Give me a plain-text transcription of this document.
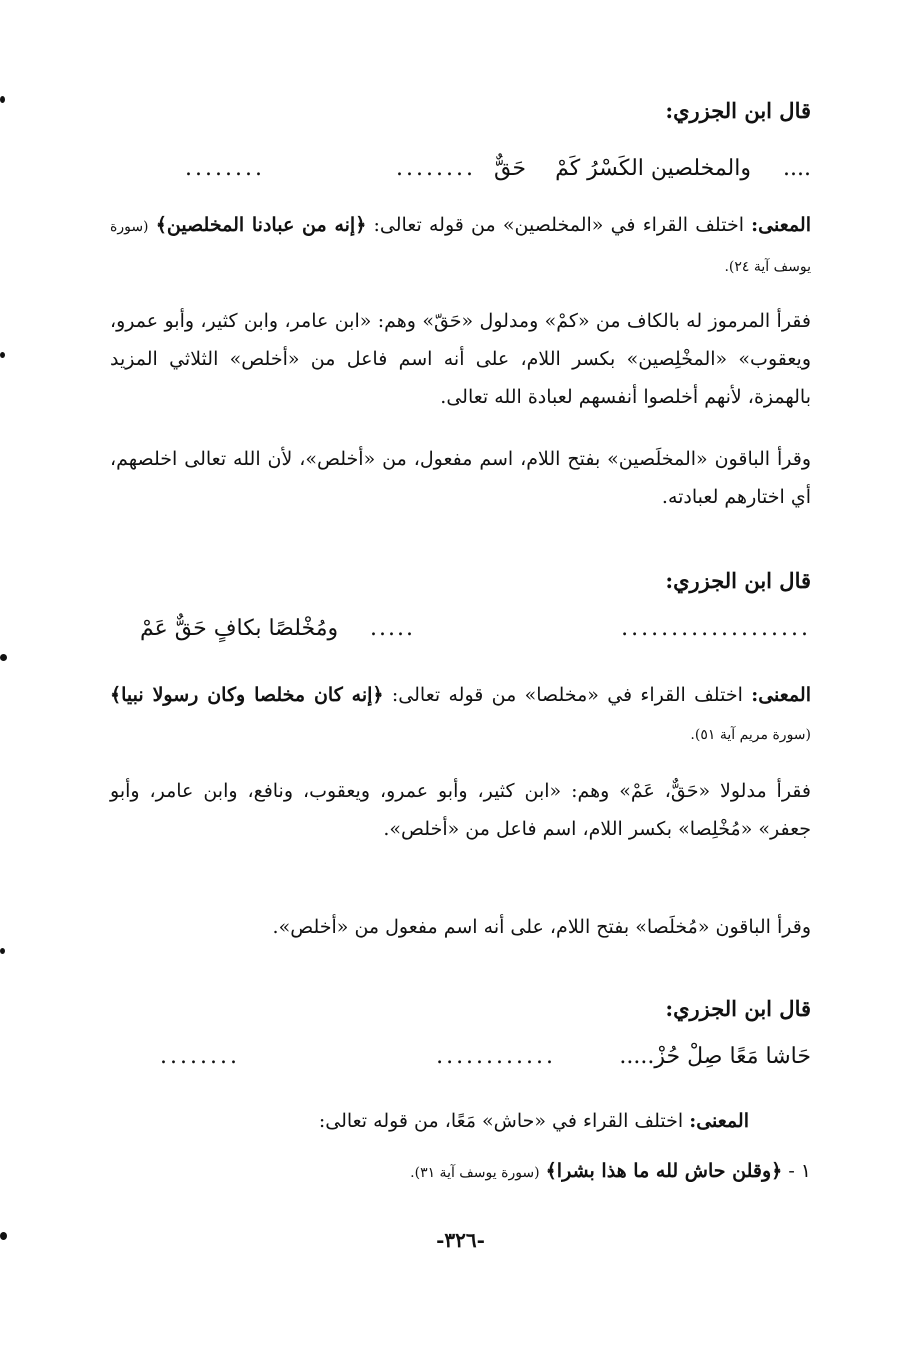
قال ابن الجزري:
....
والمخلصين الكَسْرُ كَمْ
حَقٌّ
........
........

المعنى: اختلف القراء في «المخلصين» من قوله تعالى: ﴿إنه من عبادنا المخلصين﴾ (سورة يوسف آية ٢٤).

فقرأ المرموز له بالكاف من «كمْ» ومدلول «حَقّ» وهم: «ابن عامر، وابن كثير، وأبو عمرو، ويعقوب» «المخْلِصين» بكسر اللام، على أنه اسم فاعل من «أخلص» الثلاثي المزيد بالهمزة، لأنهم أخلصوا أنفسهم لعبادة الله تعالى.
وقرأ الباقون «المخلَصين» بفتح اللام، اسم مفعول، من «أخلص»، لأن الله تعالى اخلصهم، أي اختارهم لعبادته.
قال ابن الجزري:
ومُخْلصًا بكافٍ حَقٌّ عَمْ .....	...................

المعنى: اختلف القراء في «مخلصا» من قوله تعالى: ﴿إنه كان مخلصا وكان رسولا نبيا﴾ (سورة مريم آية ٥١).

فقرأ مدلولا «حَقٌّ، عَمْ» وهم: «ابن كثير، وأبو عمرو، ويعقوب، ونافع، وابن عامر، وأبو جعفر» «مُخْلِصا» بكسر اللام، اسم فاعل من «أخلص».
وقرأ الباقون «مُخلَصا» بفتح اللام، على أنه اسم مفعول من «أخلص».
قال ابن الجزري:
حَاشا مَعًا صِلْ حُزْ.....
............
........

المعنى: اختلف القراء في «حاش» مَعًا، من قوله تعالى:

١ - ﴿وقلن حاش لله ما هذا بشرا﴾ (سورة يوسف آية ٣١).

-٣٢٦-
